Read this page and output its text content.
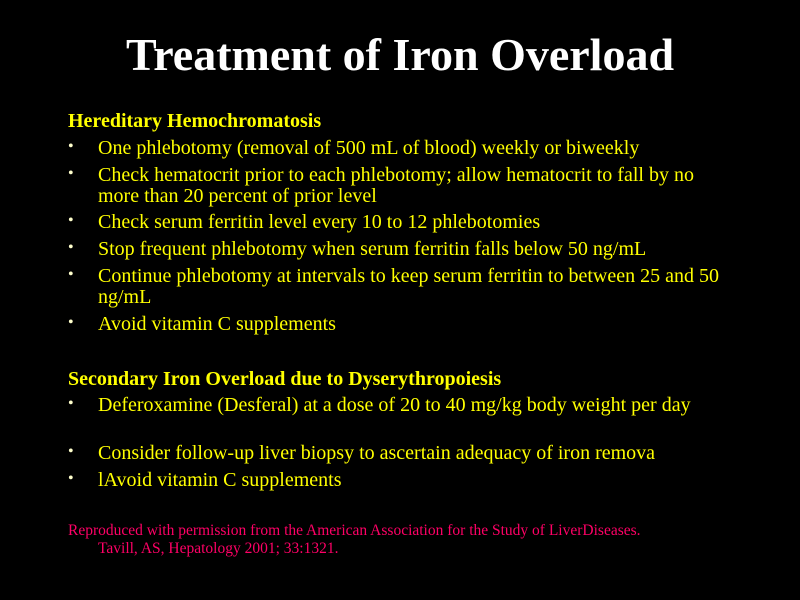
Treatment of Iron Overload
Hereditary Hemochromatosis
• One phlebotomy (removal of 500 mL of blood) weekly or biweekly
• Check hematocrit prior to each phlebotomy; allow hematocrit to fall by no more than 20 percent of prior level
• Check serum ferritin level every 10 to 12 phlebotomies
• Stop frequent phlebotomy when serum ferritin falls below 50 ng/mL
• Continue phlebotomy at intervals to keep serum ferritin to between 25 and 50 ng/mL
• Avoid vitamin C supplements
Secondary Iron Overload due to Dyserythropoiesis
• Deferoxamine (Desferal) at a dose of 20 to 40 mg/kg body weight per day
• Consider follow-up liver biopsy to ascertain adequacy of iron remova
• lAvoid vitamin C supplements
Reproduced with permission from the American Association for the Study of LiverDiseases.
Tavill, AS, Hepatology 2001; 33:1321.
